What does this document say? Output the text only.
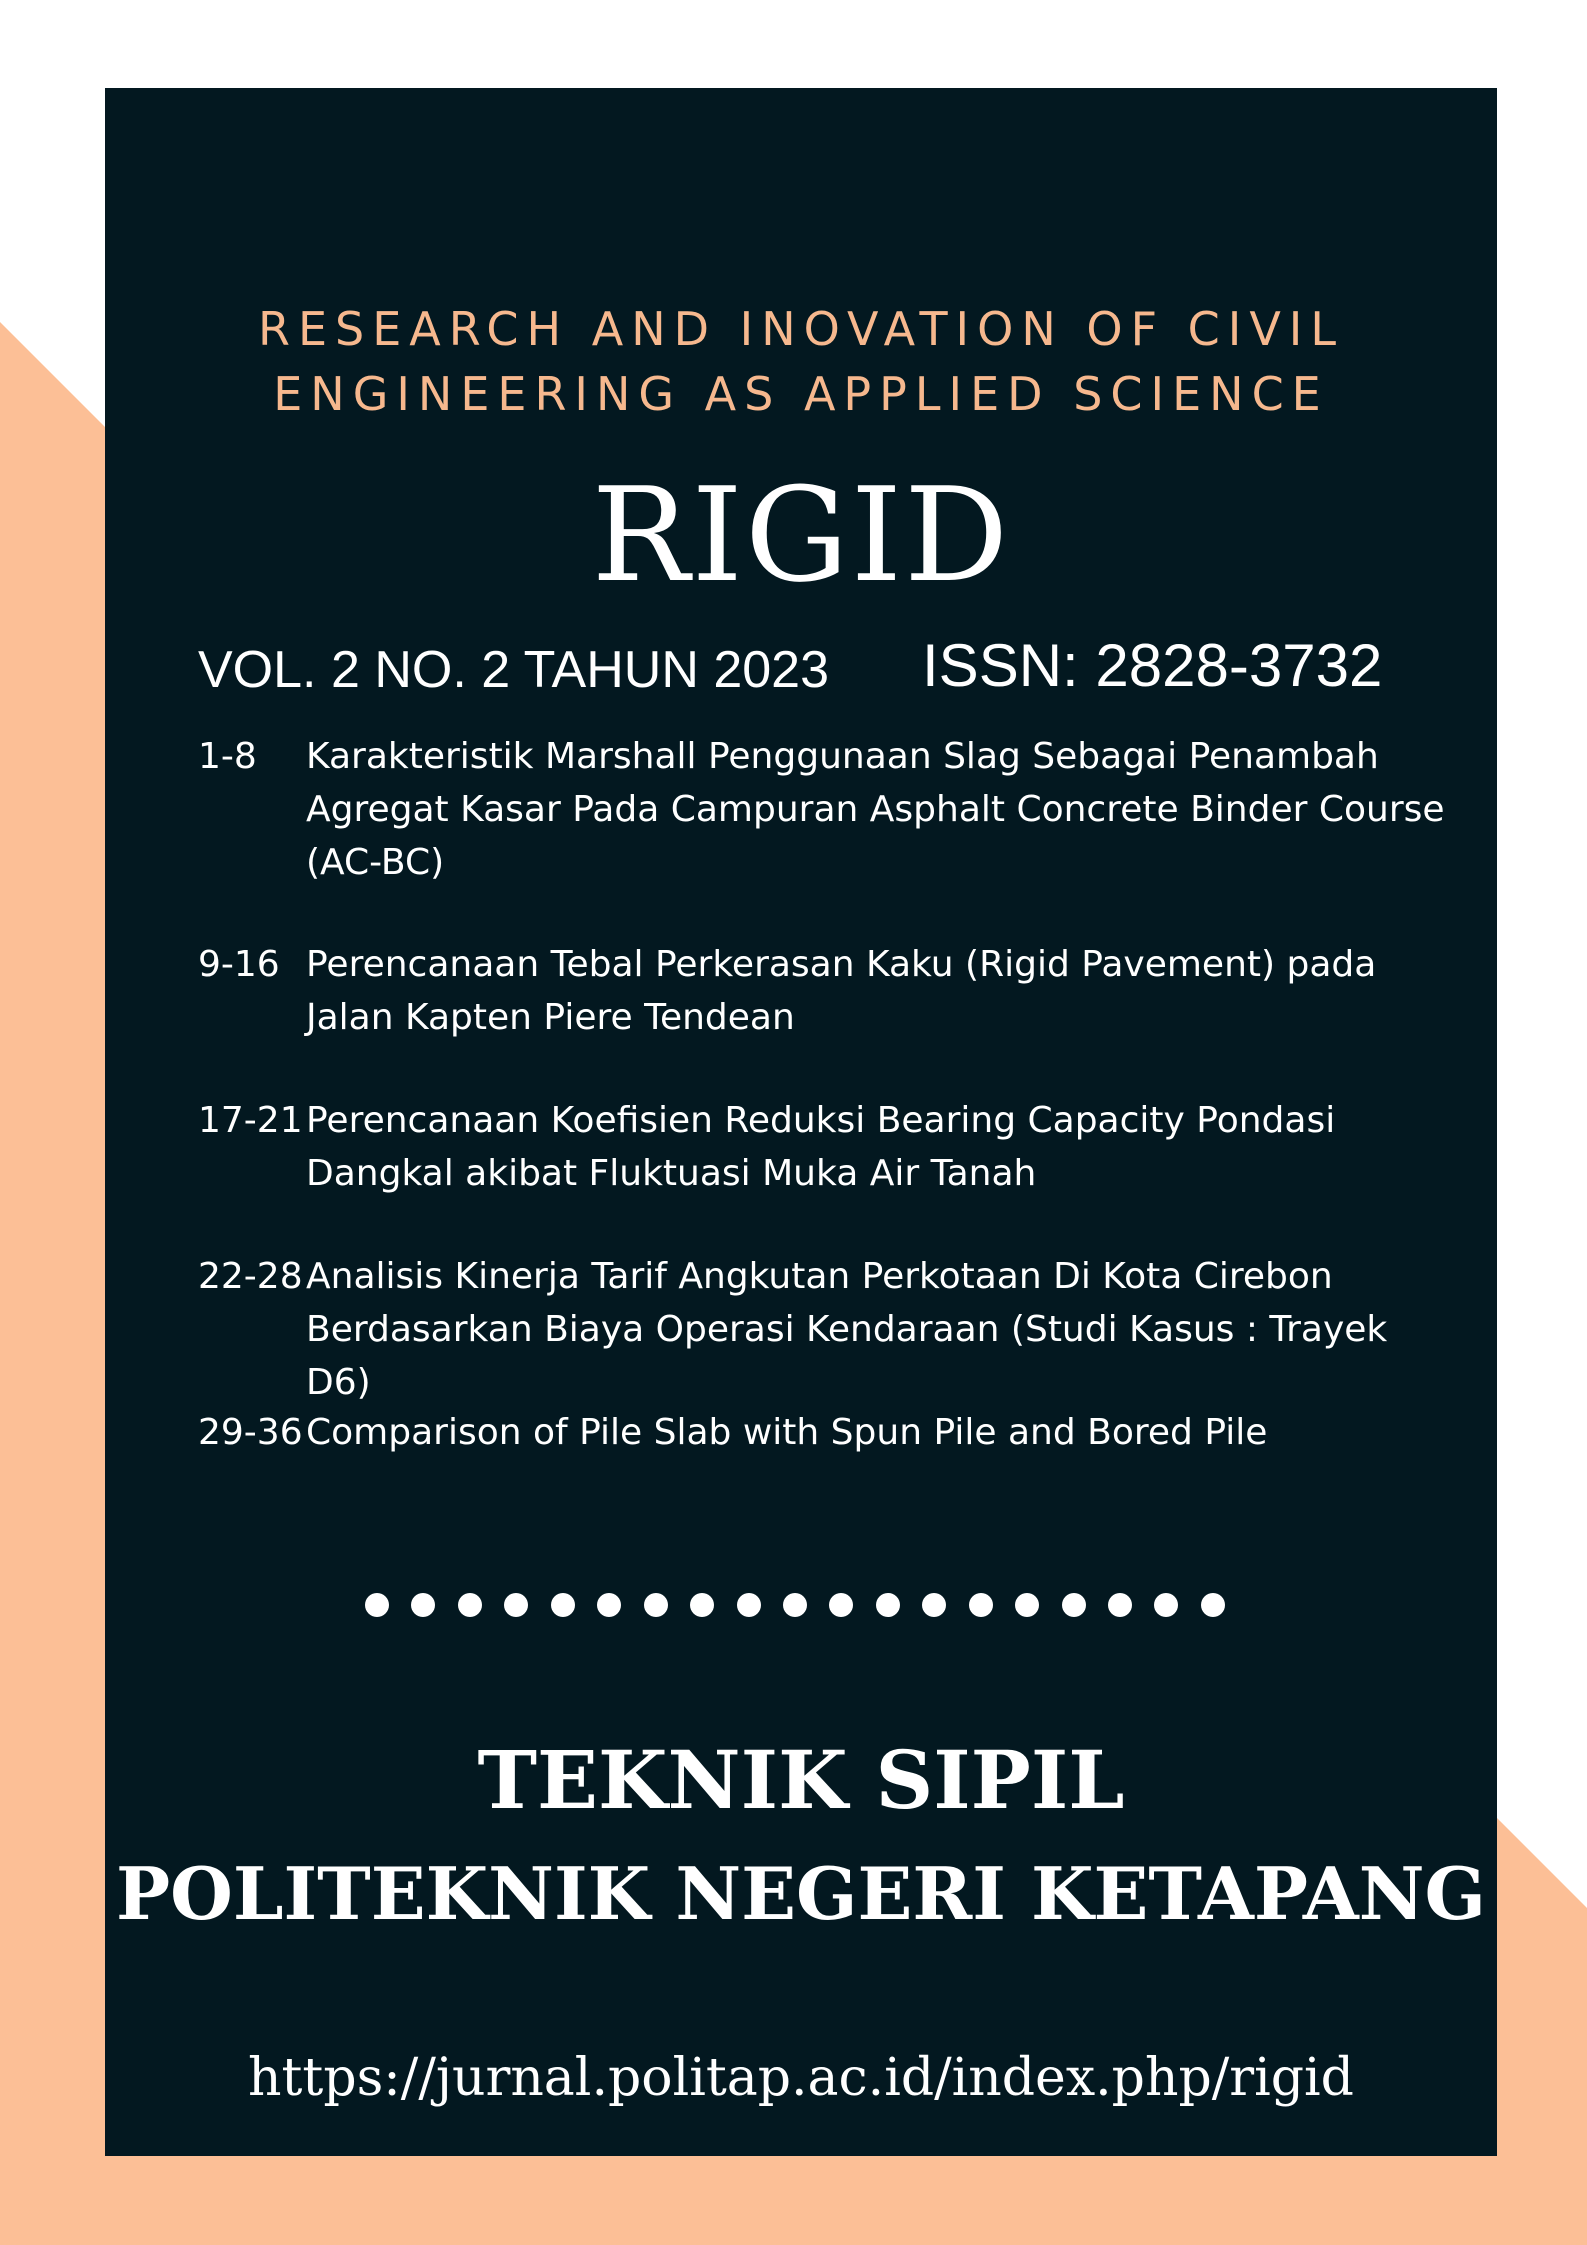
RESEARCH AND INOVATION OF CIVIL
ENGINEERING AS APPLIED SCIENCE
RIGID
VOL. 2 NO. 2 TAHUN 2023 ISSN: 2828-3732
1-8 Karakteristik Marshall Penggunaan Slag Sebagai Penambah Agregat Kasar Pada Campuran Asphalt Concrete Binder Course (AC-BC)
9-16 Perencanaan Tebal Perkerasan Kaku (Rigid Pavement) pada Jalan Kapten Piere Tendean
17-21 Perencanaan Koefisien Reduksi Bearing Capacity Pondasi Dangkal akibat Fluktuasi Muka Air Tanah
22-28 Analisis Kinerja Tarif Angkutan Perkotaan Di Kota Cirebon Berdasarkan Biaya Operasi Kendaraan (Studi Kasus : Trayek D6)
29-36 Comparison of Pile Slab with Spun Pile and Bored Pile
TEKNIK SIPIL
POLITEKNIK NEGERI KETAPANG
https://jurnal.politap.ac.id/index.php/rigid
